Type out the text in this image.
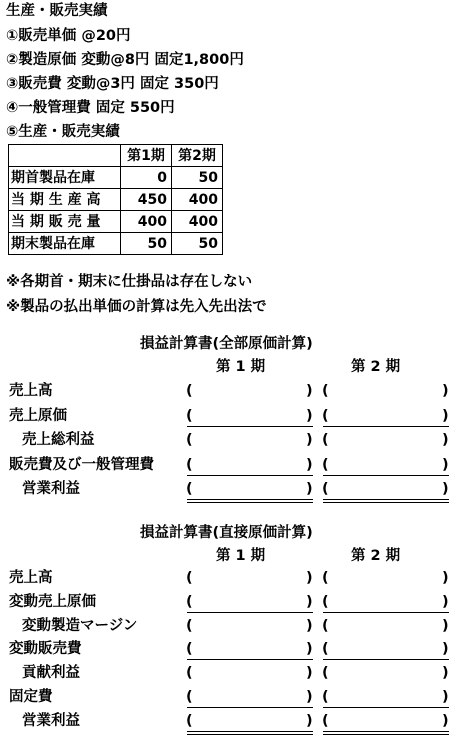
生産・販売実績
①販売単価 @20円
②製造原価 変動@8円 固定1,800円
③販売費 変動@3円 固定 350円
④一般管理費 固定 550円
⑤生産・販売実績
	第1期	第2期
期首製品在庫	0	50
当 期 生 産 高	450	400
当 期 販 売 量	400	400
期末製品在庫	50	50
※各期首・期末に仕掛品は存在しない
※製品の払出単価の計算は先入先出法で
損益計算書(全部原価計算)
第 1 期	第 2 期
売上高	(	) (	)
売上原価	(	) (	)
売上総利益	(	) (	)
販売費及び一般管理費 (	) (	)
営業利益	(	) (	)
損益計算書(直接原価計算)
第 1 期	第 2 期
売上高	(	) (	)
変動売上原価	(	) (	)
変動製造マージン	(	) (	)
変動販売費	(	) (	)
貢献利益	(	) (	)
固定費	(	) (	)
営業利益	(	) (	)
